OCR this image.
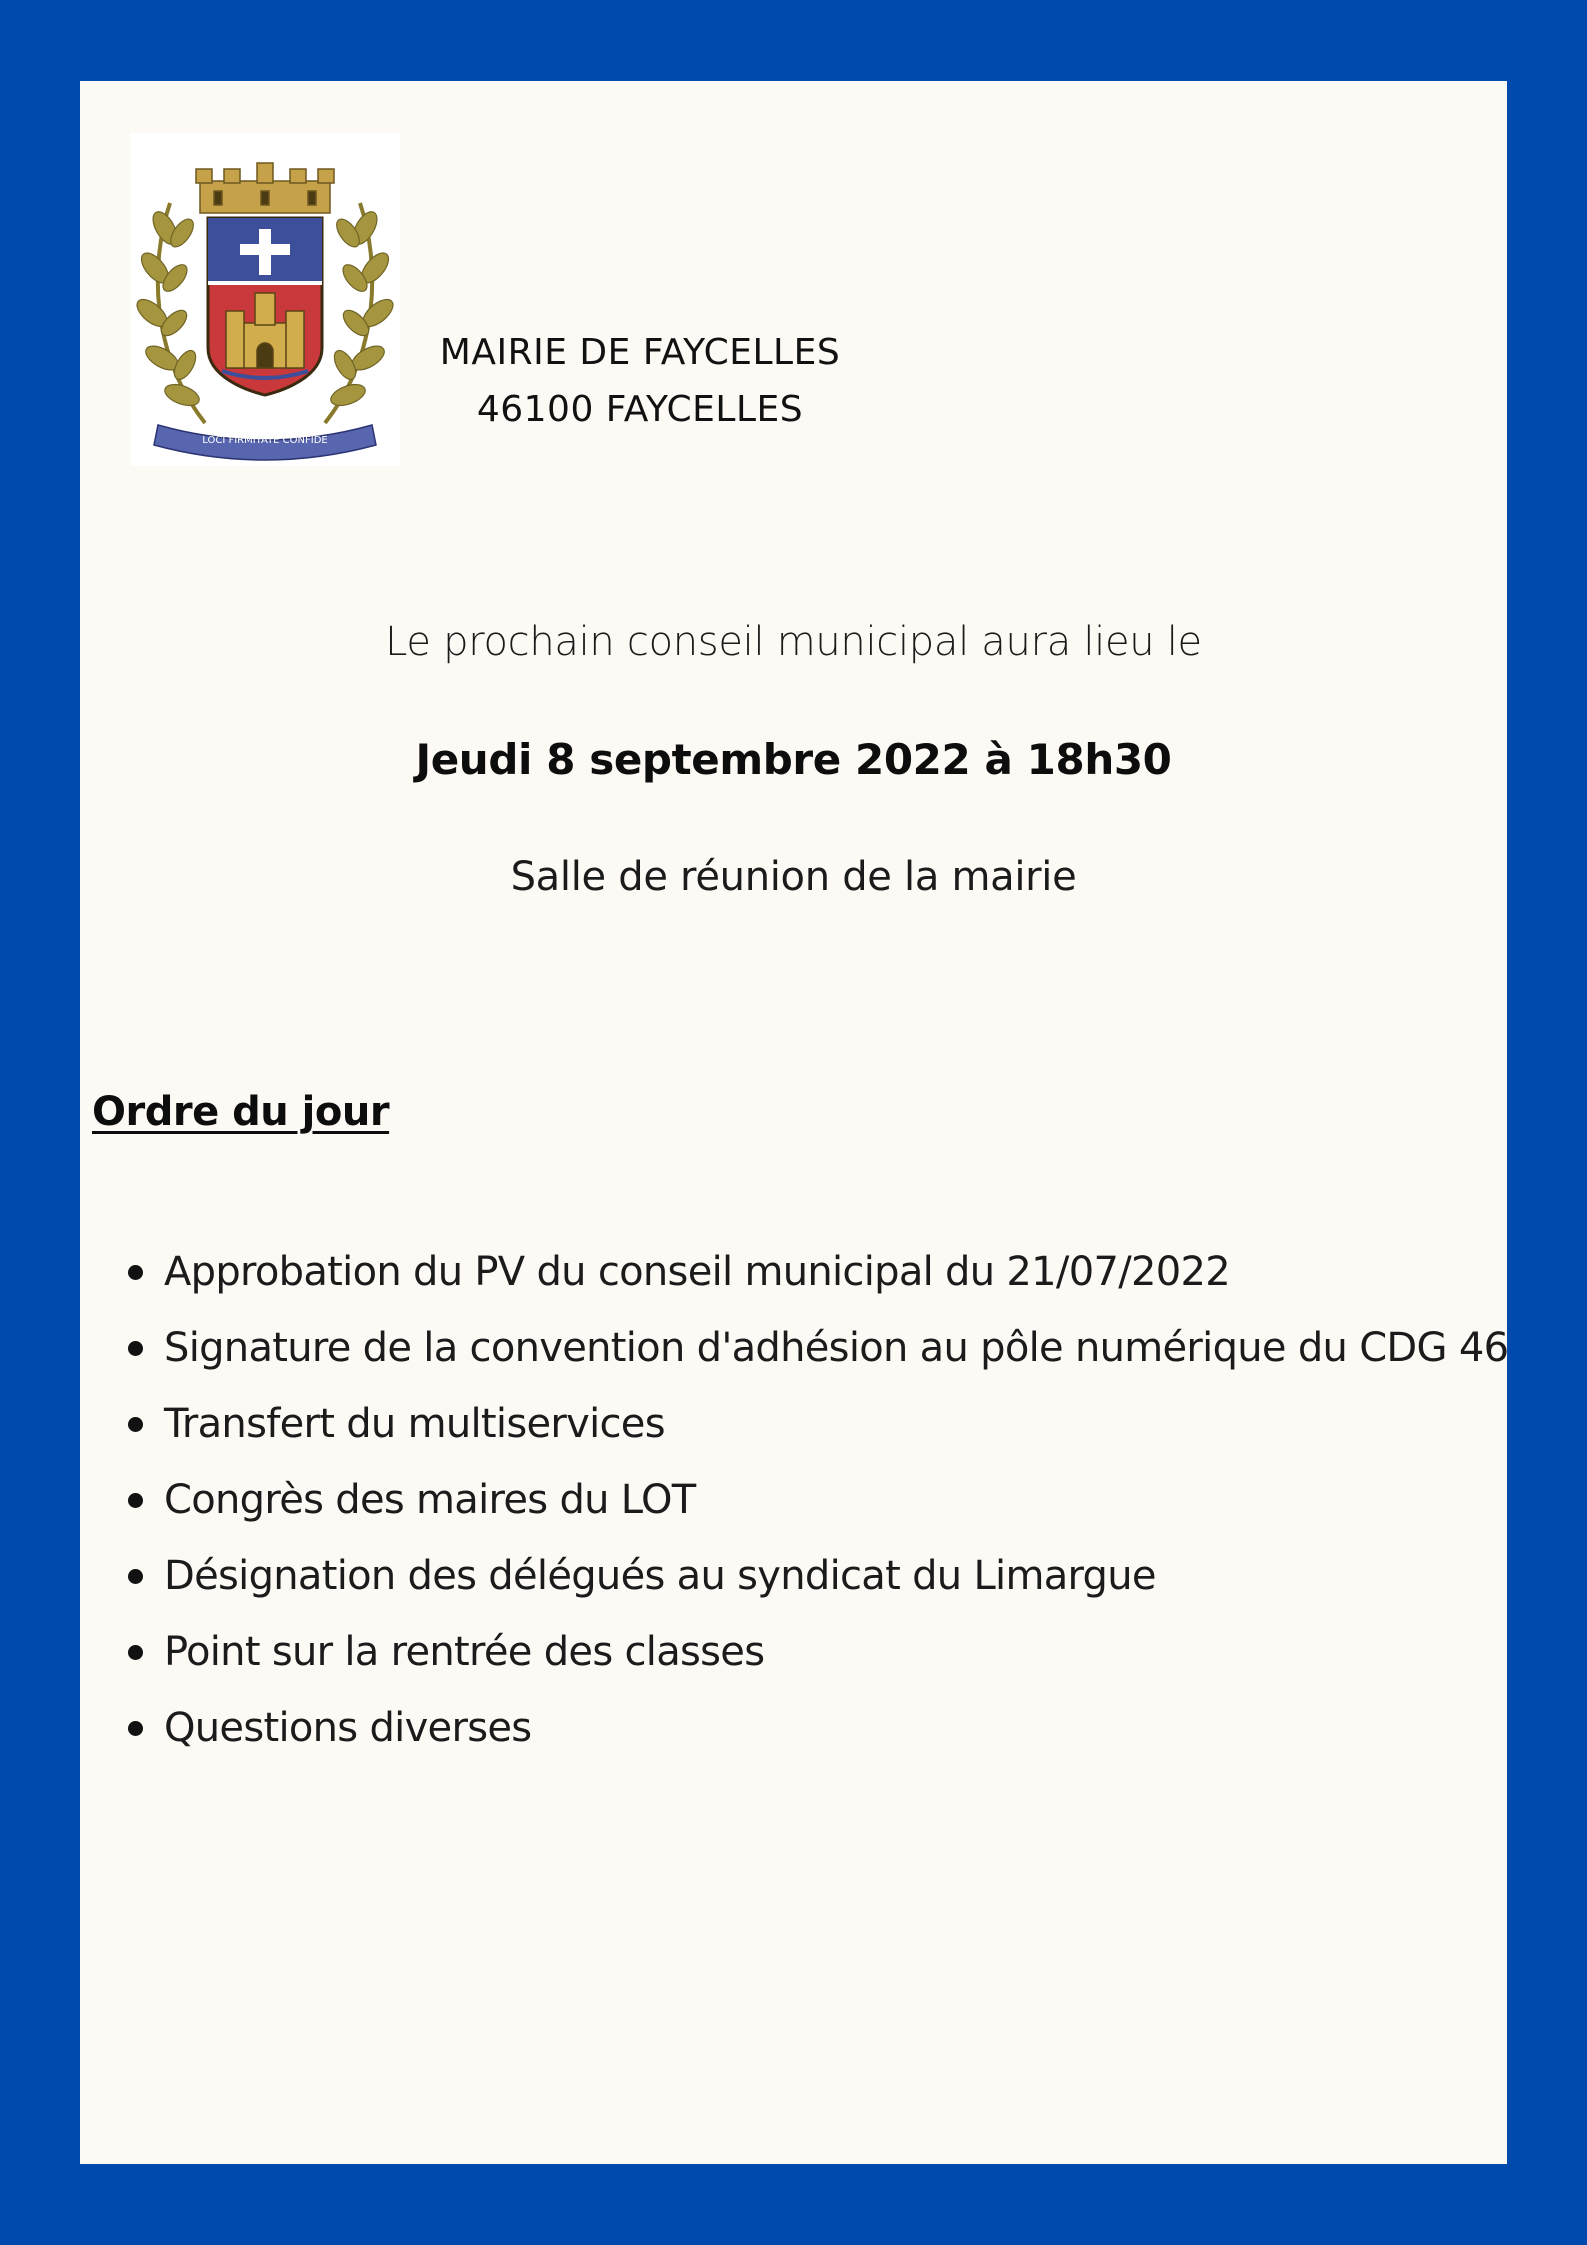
LOCI FIRMITATE CONFIDE
MAIRIE DE FAYCELLES
46100 FAYCELLES
Le prochain conseil municipal aura lieu le
Jeudi 8 septembre 2022 à 18h30
Salle de réunion de la mairie
Ordre du jour
Approbation du PV du conseil municipal du 21/07/2022
Signature de la convention d'adhésion au pôle numérique du CDG 46
Transfert du multiservices
Congrès des maires du LOT
Désignation des délégués au syndicat du Limargue
Point sur la rentrée des classes
Questions diverses
